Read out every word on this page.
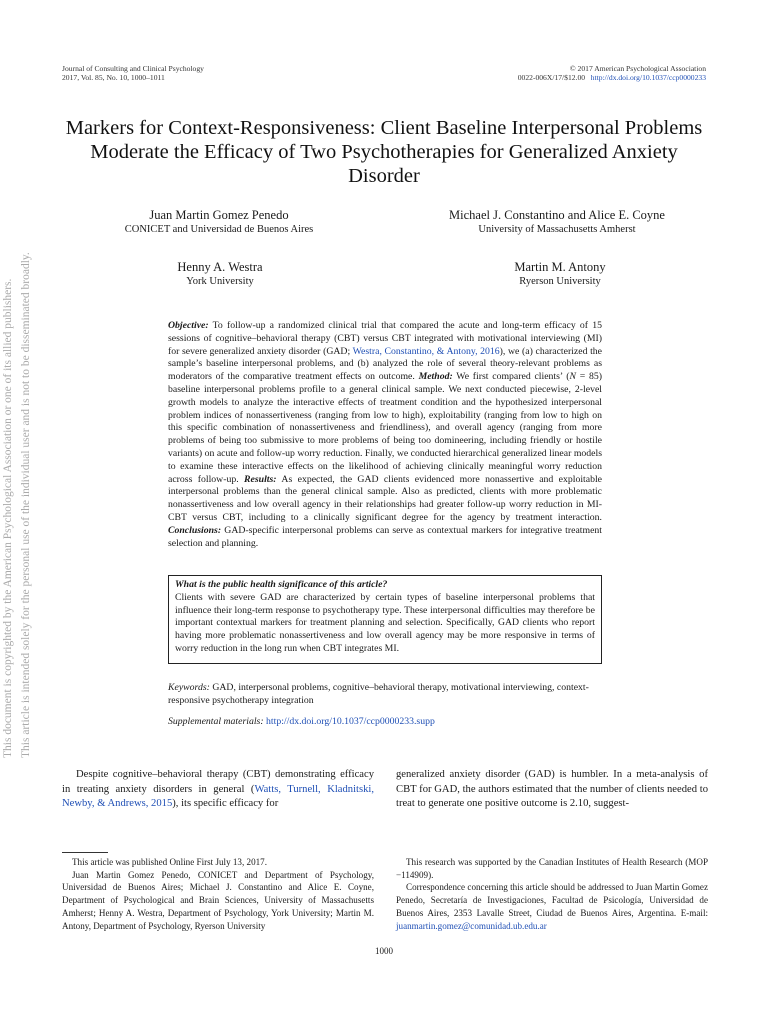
Journal of Consulting and Clinical Psychology
2017, Vol. 85, No. 10, 1000–1011
© 2017 American Psychological Association
0022-006X/17/$12.00 http://dx.doi.org/10.1037/ccp0000233
This document is copyrighted by the American Psychological Association or one of its allied publishers. This article is intended solely for the personal use of the individual user and is not to be disseminated broadly.
Markers for Context-Responsiveness: Client Baseline Interpersonal Problems Moderate the Efficacy of Two Psychotherapies for Generalized Anxiety Disorder
Juan Martin Gomez Penedo
CONICET and Universidad de Buenos Aires
Michael J. Constantino and Alice E. Coyne
University of Massachusetts Amherst
Henny A. Westra
York University
Martin M. Antony
Ryerson University
Objective: To follow-up a randomized clinical trial that compared the acute and long-term efficacy of 15 sessions of cognitive–behavioral therapy (CBT) versus CBT integrated with motivational interviewing (MI) for severe generalized anxiety disorder (GAD; Westra, Constantino, & Antony, 2016), we (a) characterized the sample’s baseline interpersonal problems, and (b) analyzed the role of several theory-relevant problems as moderators of the comparative treatment effects on outcome. Method: We first compared clients’ (N = 85) baseline interpersonal problems profile to a general clinical sample. We next conducted piecewise, 2-level growth models to analyze the interactive effects of treatment condition and the hypothesized interpersonal problem indices of nonassertiveness (ranging from low to high), exploitability (ranging from low to high on this specific combination of nonassertiveness and friendliness), and overall agency (ranging from more problems of being too submissive to more problems of being too domineering, including friendly or hostile variants) on acute and follow-up worry reduction. Finally, we conducted hierarchical generalized linear models to examine these interactive effects on the likelihood of achieving clinically meaningful worry reduction across follow-up. Results: As expected, the GAD clients evidenced more nonassertive and exploitable interpersonal problems than the general clinical sample. Also as predicted, clients with more problematic nonassertiveness and low overall agency in their relationships had greater follow-up worry reduction in MI-CBT versus CBT, including to a clinically significant degree for the agency by treatment interaction. Conclusions: GAD-specific interpersonal problems can serve as contextual markers for integrative treatment selection and planning.
What is the public health significance of this article?
Clients with severe GAD are characterized by certain types of baseline interpersonal problems that influence their long-term response to psychotherapy type. These interpersonal difficulties may therefore be important contextual markers for treatment planning and selection. Specifically, GAD clients who report having more problematic nonassertiveness and low overall agency may be more responsive in terms of worry reduction in the long run when CBT integrates MI.
Keywords: GAD, interpersonal problems, cognitive–behavioral therapy, motivational interviewing, context-responsive psychotherapy integration
Supplemental materials: http://dx.doi.org/10.1037/ccp0000233.supp
Despite cognitive–behavioral therapy (CBT) demonstrating efficacy in treating anxiety disorders in general (Watts, Turnell, Kladnitski, Newby, & Andrews, 2015), its specific efficacy for
generalized anxiety disorder (GAD) is humbler. In a meta-analysis of CBT for GAD, the authors estimated that the number of clients needed to treat to generate one positive outcome is 2.10, suggest-

This article was published Online First July 13, 2017.

Juan Martin Gomez Penedo, CONICET and Department of Psychology, Universidad de Buenos Aires; Michael J. Constantino and Alice E. Coyne, Department of Psychological and Brain Sciences, University of Massachusetts Amherst; Henny A. Westra, Department of Psychology, York University; Martin M. Antony, Department of Psychology, Ryerson University

This research was supported by the Canadian Institutes of Health Research (MOP −114909).

Correspondence concerning this article should be addressed to Juan Martin Gomez Penedo, Secretaría de Investigaciones, Facultad de Psicología, Universidad de Buenos Aires, 2353 Lavalle Street, Ciudad de Buenos Aires, Argentina. E-mail: juanmartin.gomez@comunidad.ub.edu.ar

1000
